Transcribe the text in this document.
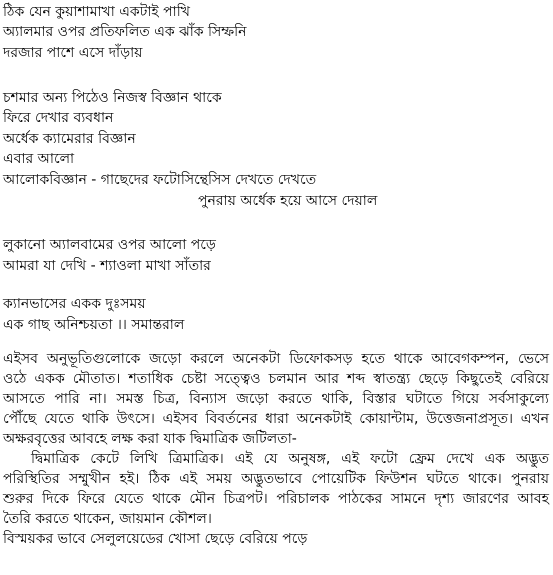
ঠিক যেন কুয়াশামাখা একটাই পাখি
অ্যালমার ওপর প্রতিফলিত এক ঝাঁক সিম্ফনি
দরজার পাশে এসে দাঁড়ায়
চশমার অন্য পিঠেও নিজস্ব বিজ্ঞান থাকে
ফিরে দেখার ব্যবধান
অর্ধেক ক্যামেরার বিজ্ঞান
এবার আলো
আলোকবিজ্ঞান - গাছেদের ফটোসিন্থেসিস দেখতে দেখতে
পুনরায় অর্ধেক হয়ে আসে দেয়াল
লুকানো অ্যালবামের ওপর আলো পড়ে
আমরা যা দেখি - শ্যাওলা মাখা সাঁতার
ক্যানভাসের একক দুঃসময়
এক গাছ অনিশ্চয়তা ।। সমান্তরাল
এইসব অনুভূতিগুলোকে জড়ো করলে অনেকটা ডিফোকসড় হতে থাকে আবেগকম্পন, ভেসে
ওঠে একক মৌতাত। শতাধিক চেষ্টা সত্ত্বেও চলমান আর শব্দ স্বাতন্ত্র্য ছেড়ে কিছুতেই বেরিয়ে
আসতে পারি না। সমস্ত চিত্র, বিন্যাস জড়ো করতে থাকি, বিস্তার ঘটাতে গিয়ে সর্বসাকুল্যে
পৌঁছে যেতে থাকি উৎসে। এইসব বিবর্তনের ধারা অনেকটাই কোয়ান্টাম, উত্তেজনাপ্রসূত। এখন
অক্ষরবৃত্তের আবহে লক্ষ করা যাক দ্বিমাত্রিক জটিলতা-
দ্বিমাত্রিক কেটে লিখি ত্রিমাত্রিক। এই যে অনুষঙ্গ, এই ফটো ফ্রেম দেখে এক অদ্ভুত
পরিস্থিতির সম্মুখীন হই। ঠিক এই সময় অদ্ভুতভাবে পোয়েটিক ফিউশন ঘটতে থাকে। পুনরায়
শুরুর দিকে ফিরে যেতে থাকে মৌন চিত্রপট। পরিচালক পাঠকের সামনে দৃশ্য জারণের আবহ
তৈরি করতে থাকেন, জায়মান কৌশল।
বিস্ময়কর ভাবে সেলুলয়েডের খোসা ছেড়ে বেরিয়ে পড়ে
